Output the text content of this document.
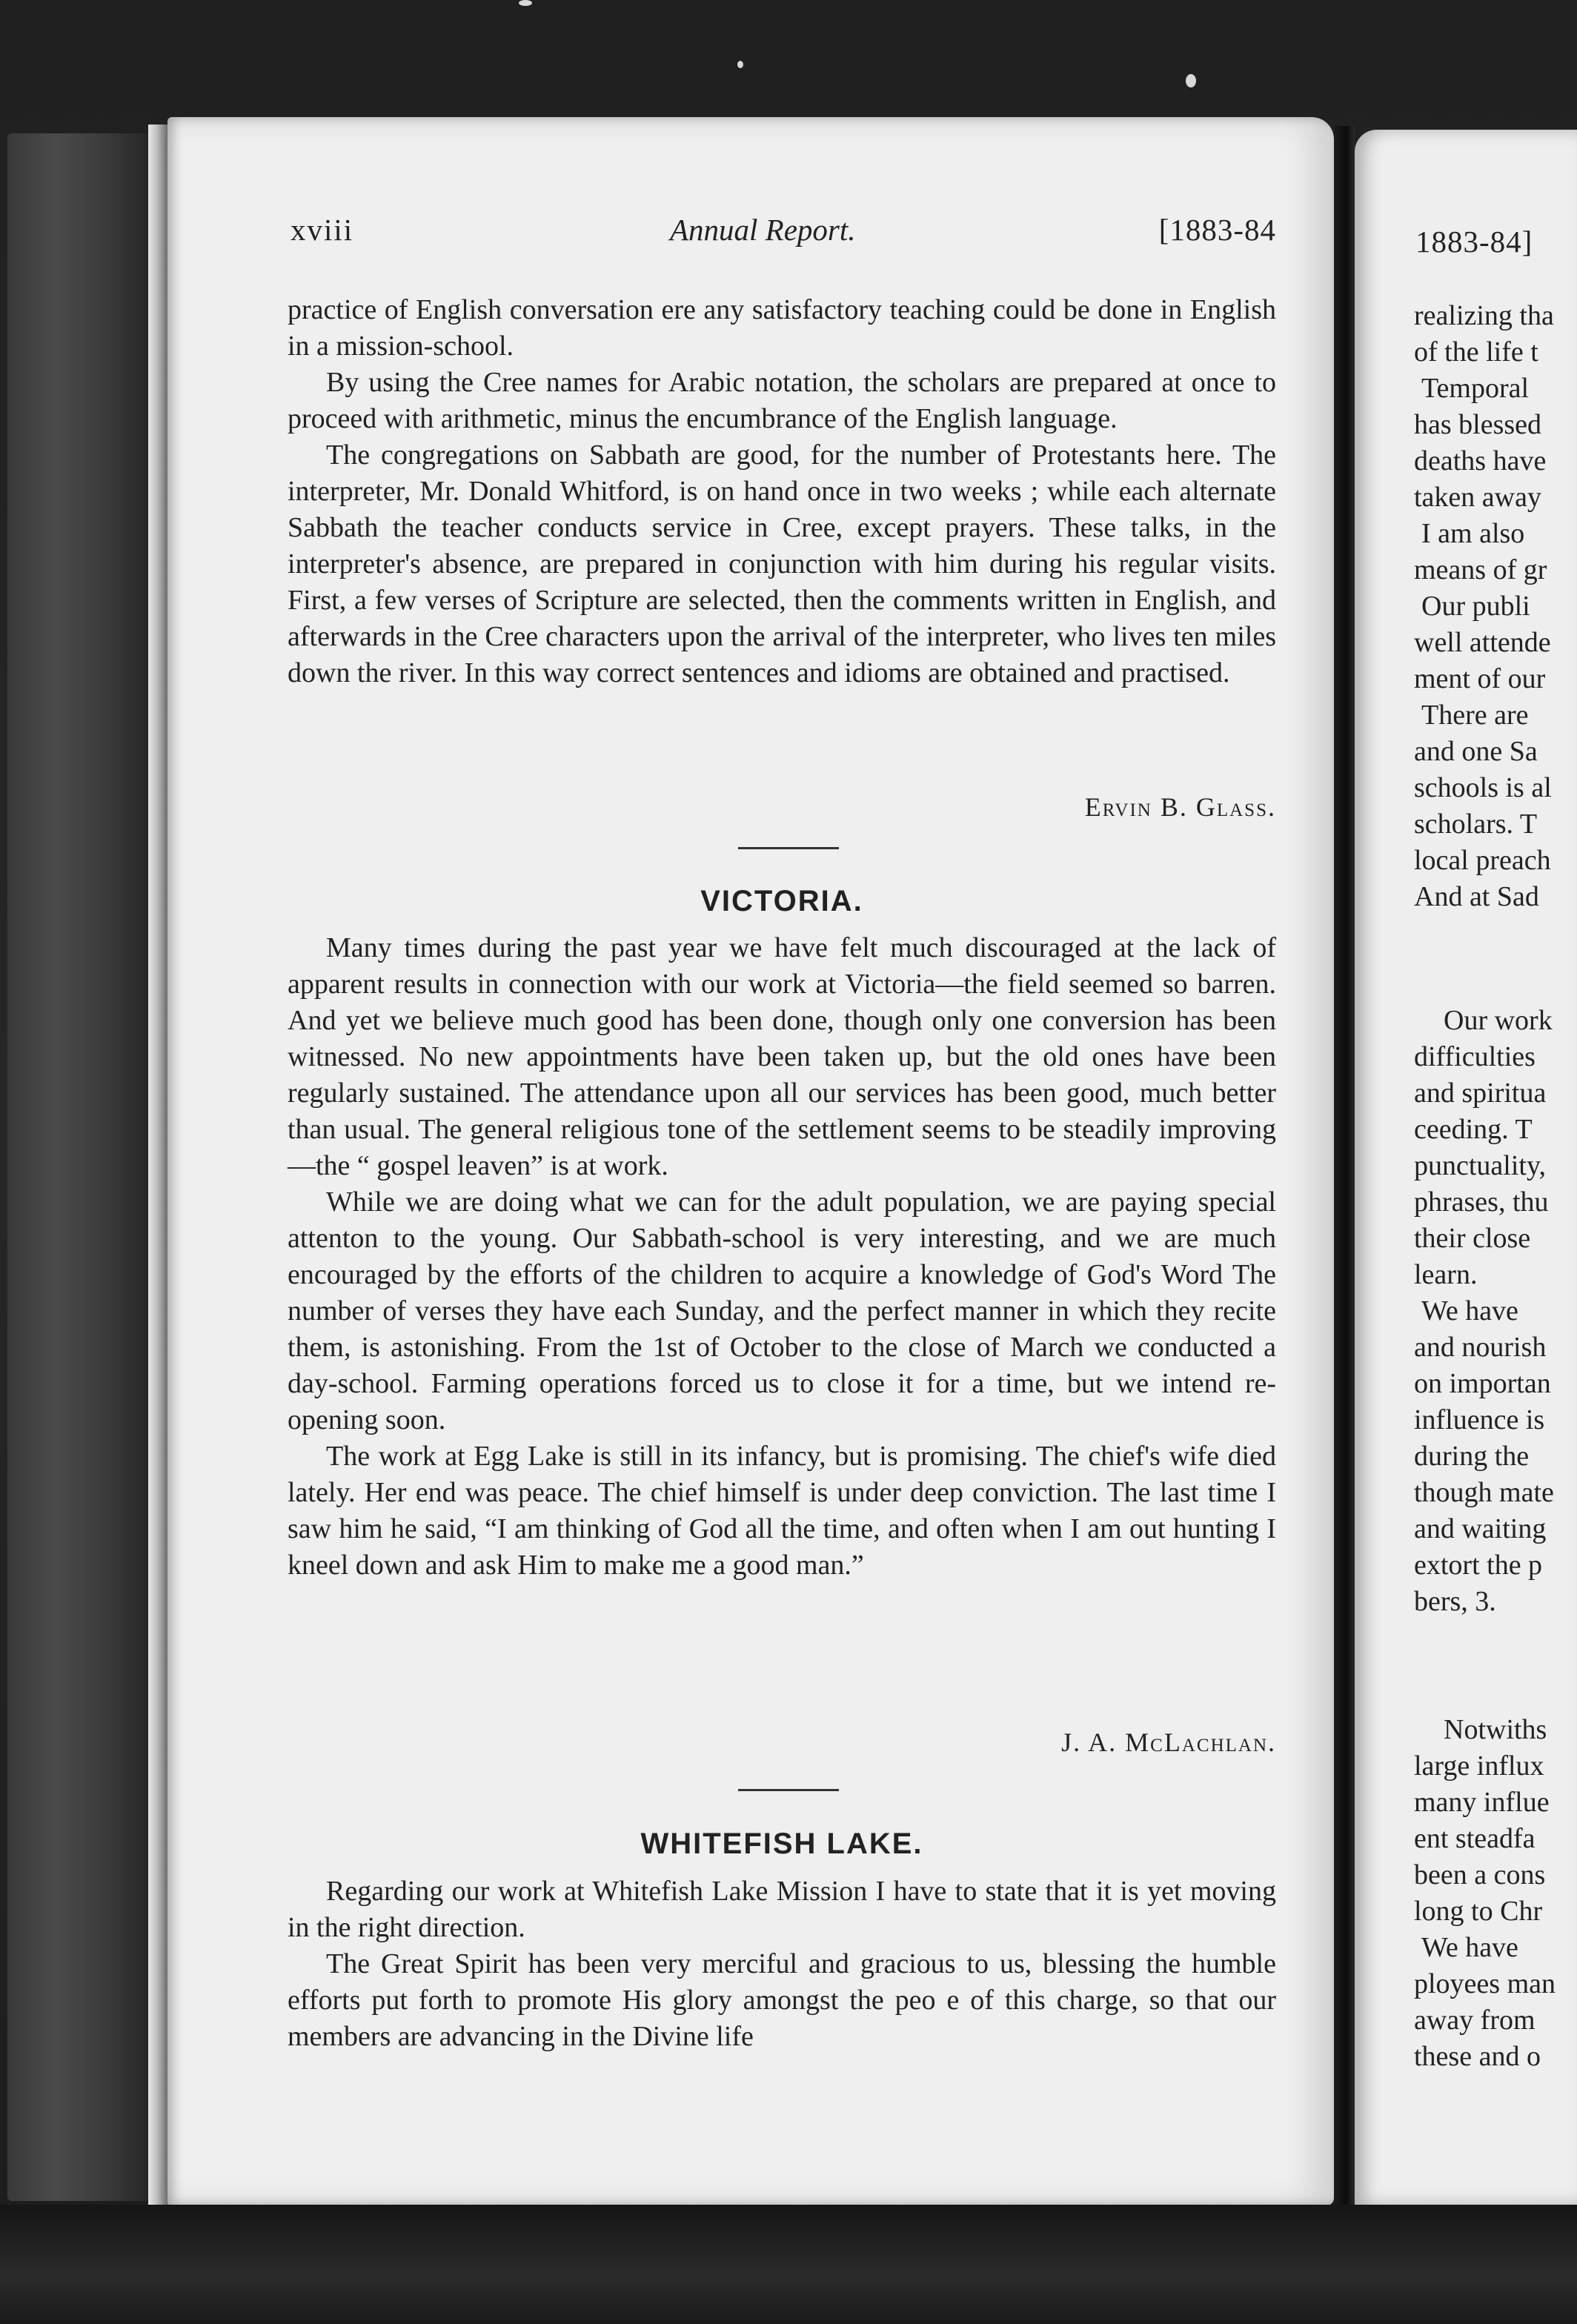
xviii	Annual Report.	[1883-84

practice of English conversation ere any satisfactory teaching could be done in English in a mission-school.

By using the Cree names for Arabic notation, the scholars are prepared at once to proceed with arithmetic, minus the encumbrance of the English language.

The congregations on Sabbath are good, for the number of Protestants here. The interpreter, Mr. Donald Whitford, is on hand once in two weeks ; while each alternate Sabbath the teacher conducts service in Cree, except prayers. These talks, in the interpreter's absence, are prepared in conjunction with him during his regular visits. First, a few verses of Scripture are selected, then the comments written in English, and afterwards in the Cree characters upon the arrival of the interpreter, who lives ten miles down the river. In this way correct sentences and idioms are obtained and practised.

Ervin B. Glass.
VICTORIA.

Many times during the past year we have felt much discouraged at the lack of apparent results in connection with our work at Victoria—the field seemed so barren. And yet we believe much good has been done, though only one conversion has been witnessed. No new appointments have been taken up, but the old ones have been regularly sustained. The attendance upon all our services has been good, much better than usual. The general religious tone of the settlement seems to be steadily improving—the “ gospel leaven” is at work.

While we are doing what we can for the adult population, we are paying special attenton to the young. Our Sabbath-school is very interesting, and we are much encouraged by the efforts of the children to acquire a knowledge of God's Word The number of verses they have each Sunday, and the perfect manner in which they recite them, is astonishing. From the 1st of October to the close of March we conducted a day-school. Farming operations forced us to close it for a time, but we intend re-opening soon.

The work at Egg Lake is still in its infancy, but is promising. The chief's wife died lately. Her end was peace. The chief himself is under deep conviction. The last time I saw him he said, “I am thinking of God all the time, and often when I am out hunting I kneel down and ask Him to make me a good man.”

J. A. McLachlan.
WHITEFISH LAKE.

Regarding our work at Whitefish Lake Mission I have to state that it is yet moving in the right direction.

The Great Spirit has been very merciful and gracious to us, blessing the humble efforts put forth to promote His glory amongst the peo e of this charge, so that our members are advancing in the Divine life

1883-84]
realizing tha
of the life t
Temporal
has blessed
deaths have
taken away
I am also
means of gr
Our publi
well attende
ment of our
There are
and one Sa
schools is al
scholars. T
local preach
And at Sad
Our work
difficulties
and spiritua
ceeding. T
punctuality,
phrases, thu
their close
learn.
We have
and nourish
on importan
influence is
during the
though mate
and waiting
extort the p
bers, 3.
Notwiths
large influx
many influe
ent steadfa
been a cons
long to Chr
We have
ployees man
away from
these and o
